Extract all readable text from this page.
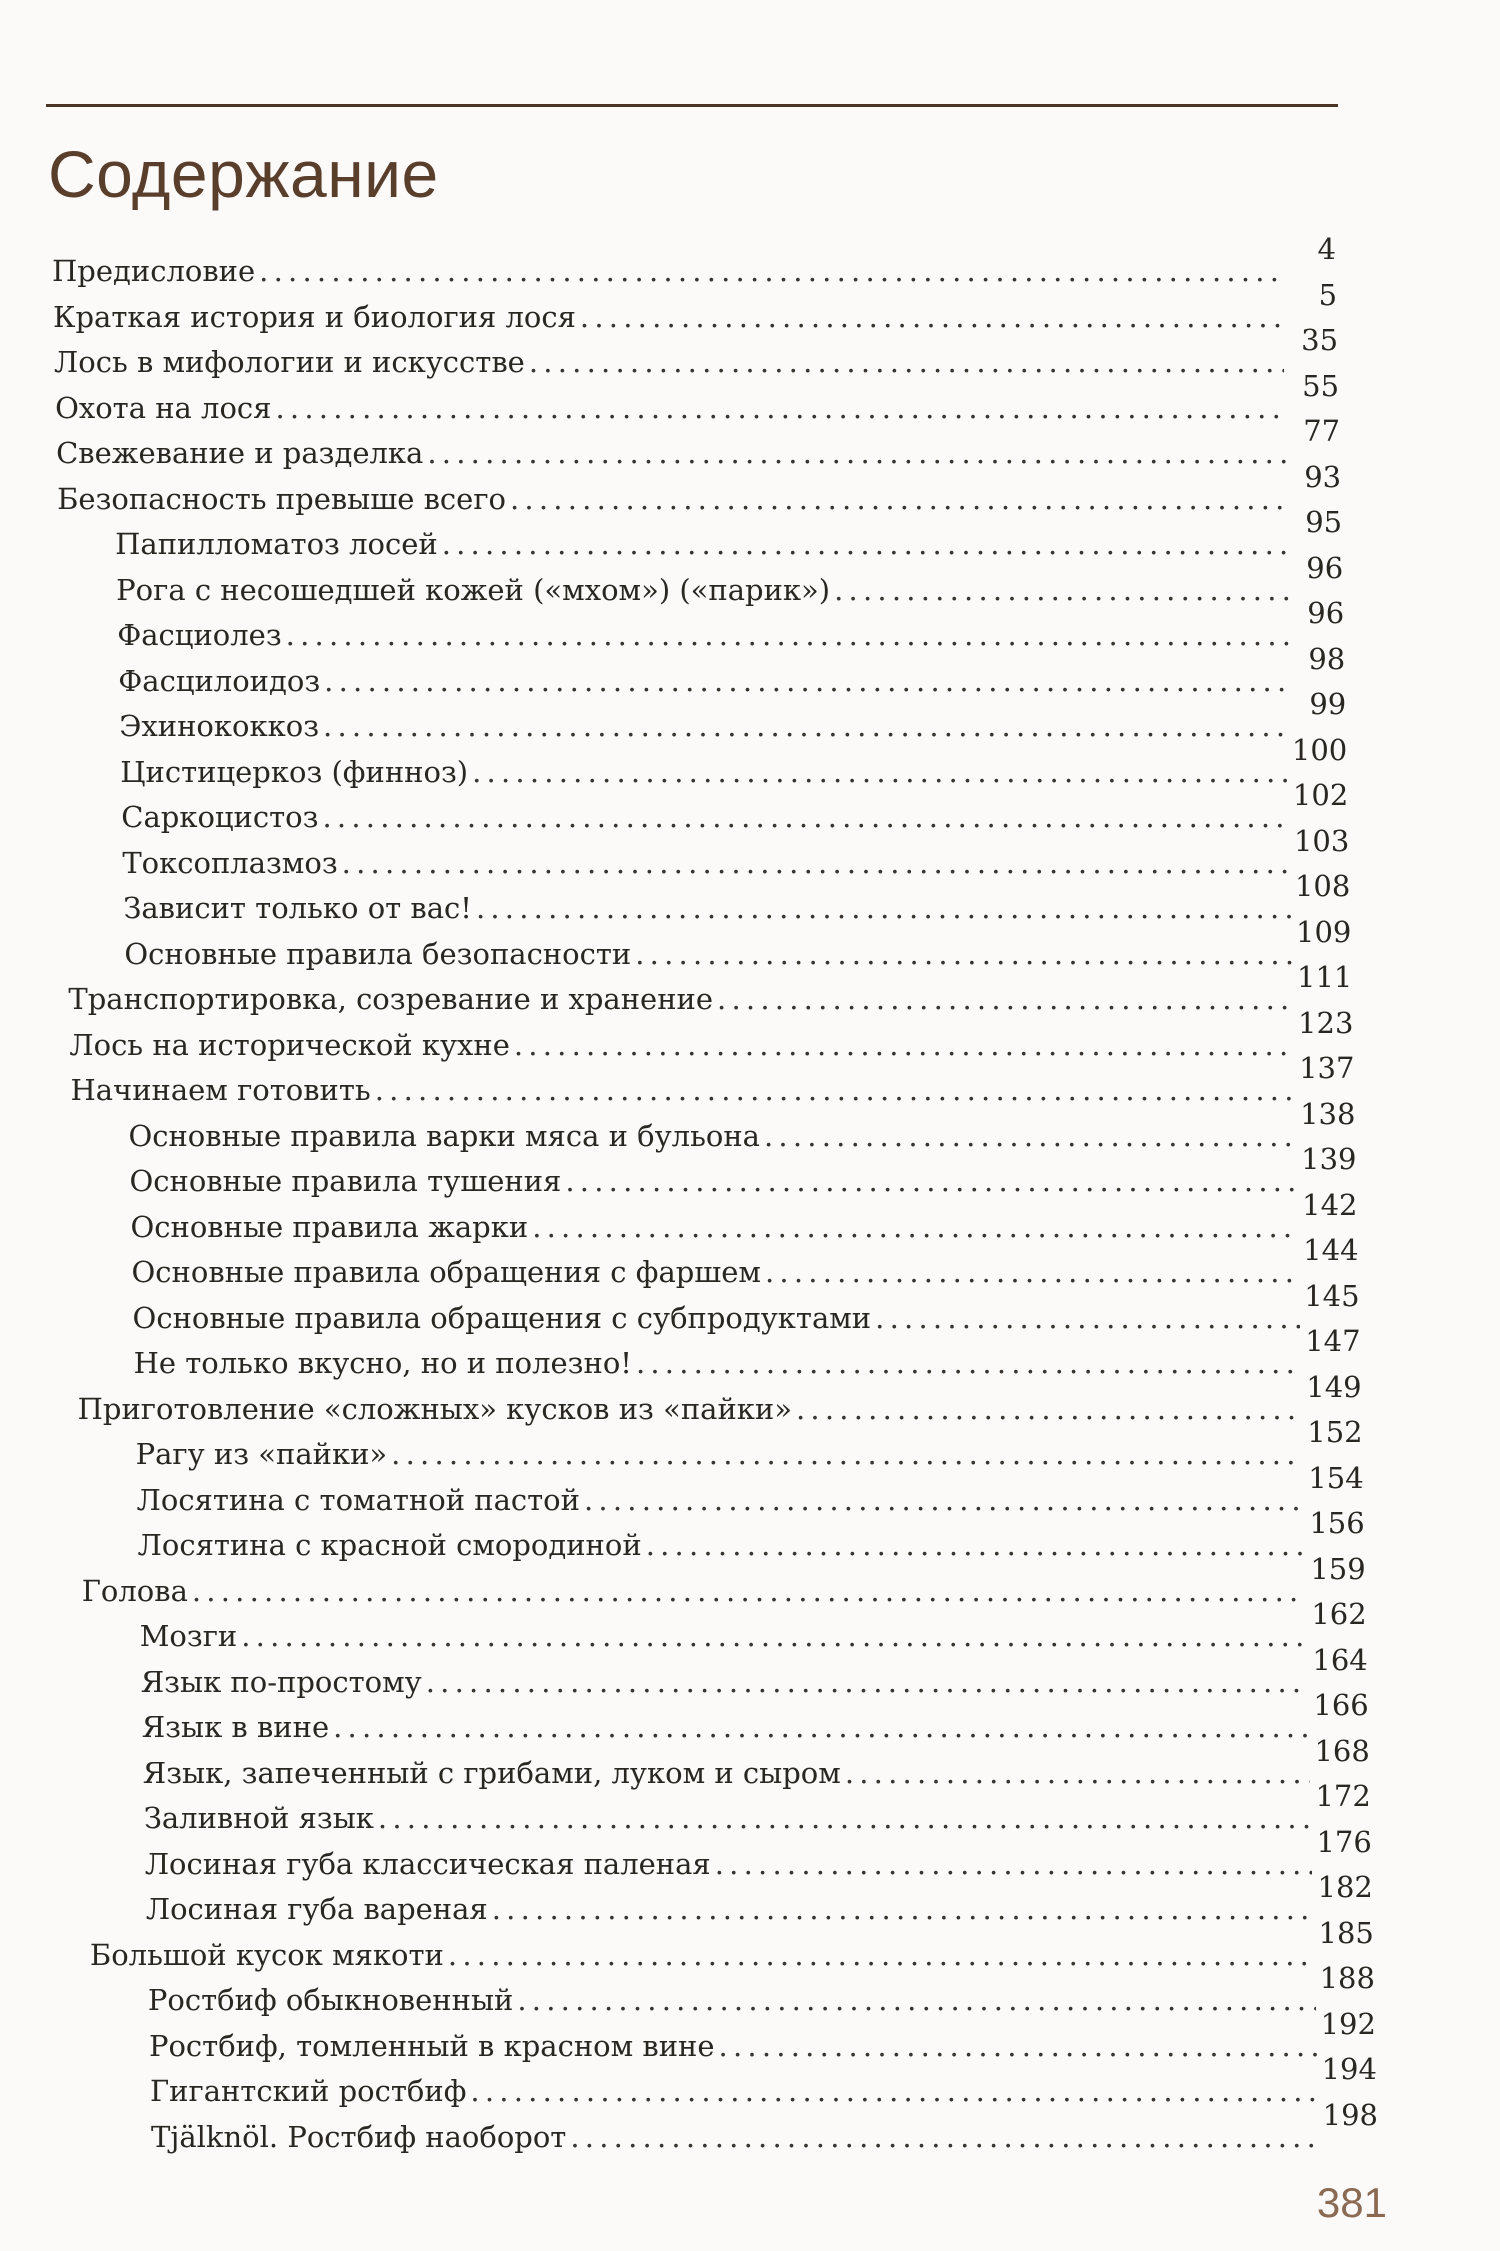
Содержание
Предисловие
. . .
4
Краткая история и биология лося
. . .
5
Лось в мифологии и искусстве
. . .
35
Охота на лося
. . .
55
Свежевание и разделка
. . .
77
Безопасность превыше всего
. . .
93
Папилломатоз лосей
. . .
95
Рога с несошедшей кожей («мхом») («парик»)
. . .
96
Фасциолез
. . .
96
Фасцилоидоз
. . .
98
Эхинококкоз
. . .
99
Цистицеркоз (финноз)
. . .
100
Саркоцистоз
. . .
102
Токсоплазмоз
. . .
103
Зависит только от вас!
. . .
108
Основные правила безопасности
. . .
109
Транспортировка, созревание и хранение
. . .
111
Лось на исторической кухне
. . .
123
Начинаем готовить
. . .
137
Основные правила варки мяса и бульона
. . .
138
Основные правила тушения
. . .
139
Основные правила жарки
. . .
142
Основные правила обращения с фаршем
. . .
144
Основные правила обращения с субпродуктами
. . .
145
Не только вкусно, но и полезно!
. . .
147
Приготовление «сложных» кусков из «пайки»
. . .
149
Рагу из «пайки»
. . .
152
Лосятина с томатной пастой
. . .
154
Лосятина с красной смородиной
. . .
156
Голова
. . .
159
Мозги
. . .
162
Язык по-простому
. . .
164
Язык в вине
. . .
166
Язык, запеченный с грибами, луком и сыром
. . .
168
Заливной язык
. . .
172
Лосиная губа классическая паленая
. . .
176
Лосиная губа вареная
. . .
182
Большой кусок мякоти
. . .
185
Ростбиф обыкновенный
. . .
188
Ростбиф, томленный в красном вине
. . .
192
Гигантский ростбиф
. . .
194
Tjälknöl. Ростбиф наоборот
. . .
198
381
